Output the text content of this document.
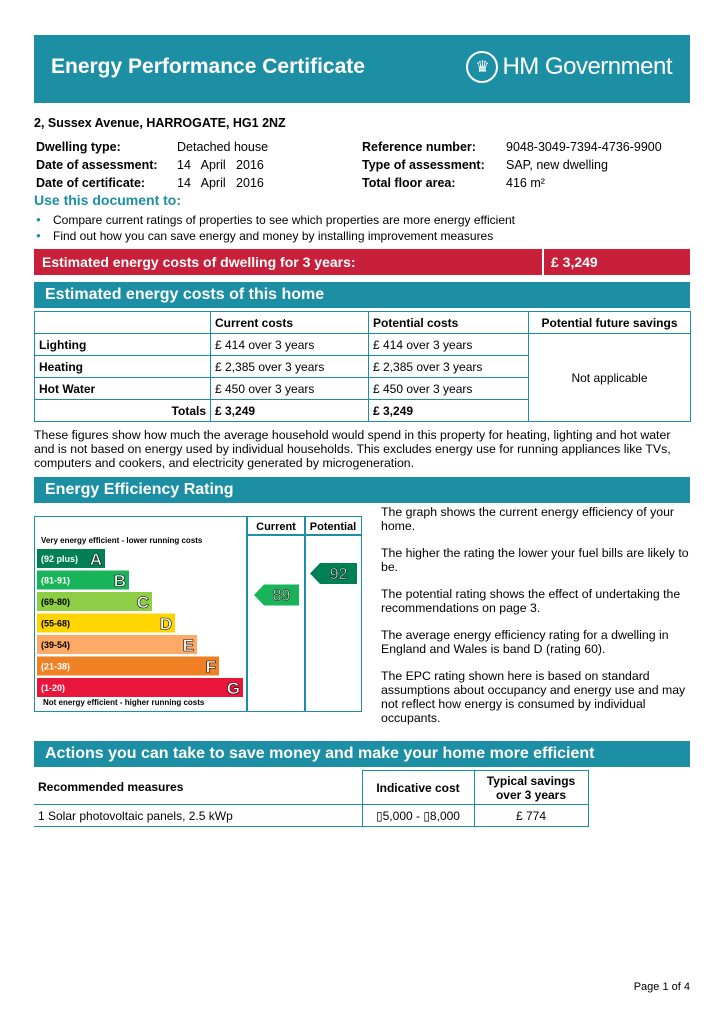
Energy Performance Certificate	♛ HM Government
2, Sussex Avenue, HARROGATE, HG1 2NZ
Dwelling type:	Detached house
Date of assessment: 14   April   2016
Date of certificate:	14   April   2016
Reference number: 9048-3049-7394-4736-9900
Type of assessment: SAP, new dwelling
Total floor area:	416 m²
Use this document to:
● Compare current ratings of properties to see which properties are more energy efficient
● Find out how you can save energy and money by installing improvement measures
Estimated energy costs of dwelling for 3 years:	£ 3,249
Estimated energy costs of this home
	Current costs	Potential costs	Potential future savings
Lighting	£ 414 over 3 years	£ 414 over 3 years	Not applicable
Heating	£ 2,385 over 3 years	£ 2,385 over 3 years	
Hot Water	£ 450 over 3 years	£ 450 over 3 years	
Totals	£ 3,249	£ 3,249	
These figures show how much the average household would spend in this property for heating, lighting and hot water and is not based on energy used by individual households. This excludes energy use for running appliances like TVs, computers and cookers, and electricity generated by microgeneration.
Energy Efficiency Rating
Current Potential
Very energy efficient - lower running costs
Not energy efficient - higher running costs
(92 plus) A
(81-91)	B
(69-80)	C
(55-68)	D
(39-54)	E
(21-38)	F
(1-20)	G
89
92

The graph shows the current energy efficiency of your home.

The higher the rating the lower your fuel bills are likely to be.

The potential rating shows the effect of undertaking the recommendations on page 3.

The average energy efficiency rating for a dwelling in England and Wales is band D (rating 60).

The EPC rating shown here is based on standard assumptions about occupancy and energy use and may not reflect how energy is consumed by individual occupants.

Actions you can take to save money and make your home more efficient
Recommended measures	Indicative cost	Typical savings over 3 years
1 Solar photovoltaic panels, 2.5 kWp	▯5,000 - ▯8,000	£ 774
Page 1 of 4
